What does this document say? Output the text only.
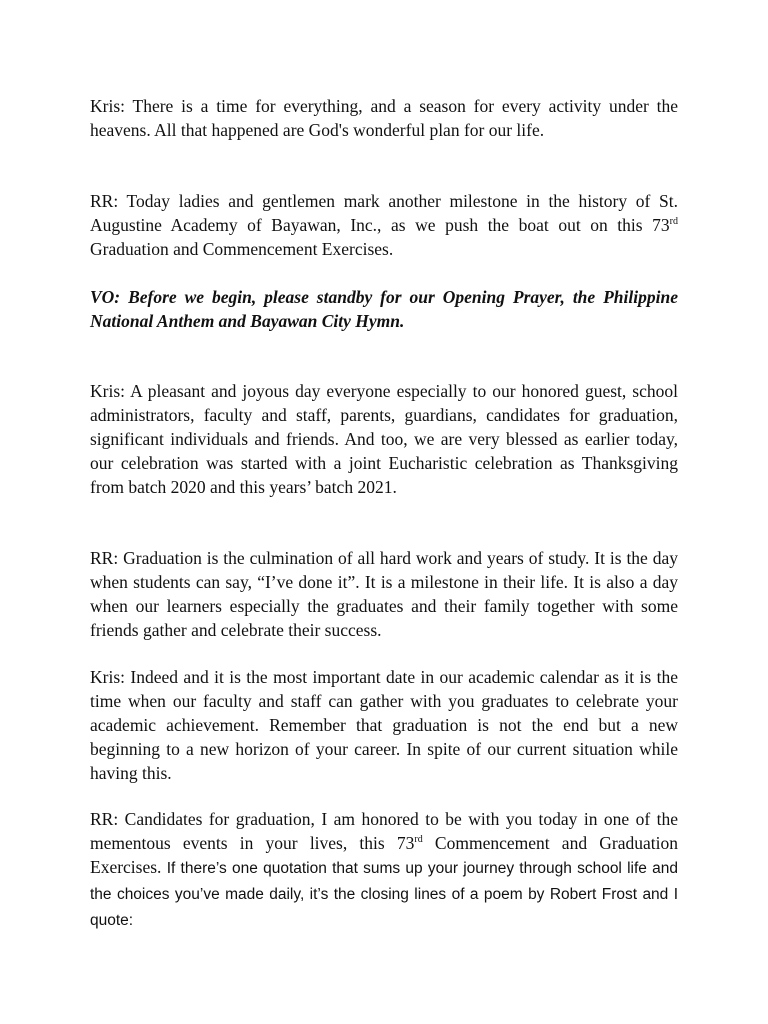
Kris: There is a time for everything, and a season for every activity under the heavens. All that happened are God's wonderful plan for our life.

RR: Today ladies and gentlemen mark another milestone in the history of St. Augustine Academy of Bayawan, Inc., as we push the boat out on this 73rd Graduation and Commencement Exercises.

VO: Before we begin, please standby for our Opening Prayer, the Philippine National Anthem and Bayawan City Hymn.

Kris: A pleasant and joyous day everyone especially to our honored guest, school administrators, faculty and staff, parents, guardians, candidates for graduation, significant individuals and friends. And too, we are very blessed as earlier today, our celebration was started with a joint Eucharistic celebration as Thanksgiving from batch 2020 and this years’ batch 2021.

RR: Graduation is the culmination of all hard work and years of study. It is the day when students can say, “I’ve done it”. It is a milestone in their life. It is also a day when our learners especially the graduates and their family together with some friends gather and celebrate their success.

Kris: Indeed and it is the most important date in our academic calendar as it is the time when our faculty and staff can gather with you graduates to celebrate your academic achievement. Remember that graduation is not the end but a new beginning to a new horizon of your career. In spite of our current situation while having this.

RR: Candidates for graduation, I am honored to be with you today in one of the mementous events in your lives, this 73rd Commencement and Graduation Exercises. If there’s one quotation that sums up your journey through school life and the choices you’ve made daily, it’s the closing lines of a poem by Robert Frost and I quote:
